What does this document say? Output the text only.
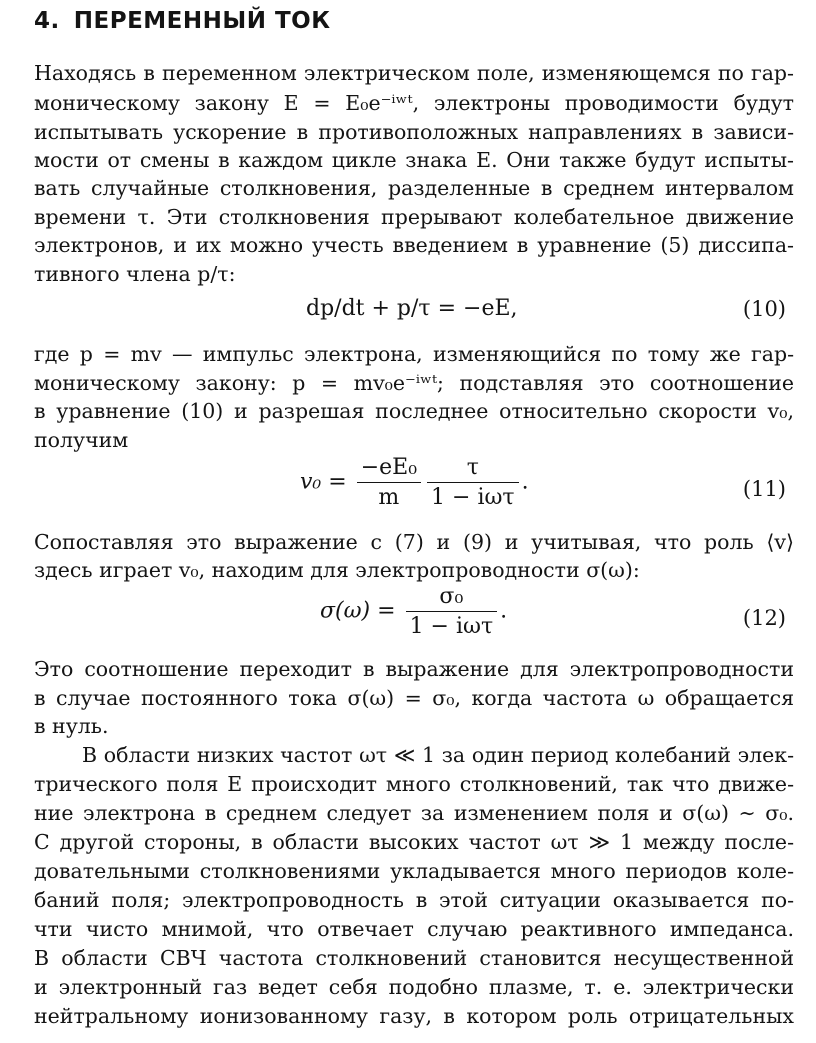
4. ПЕРЕМЕННЫЙ ТОК
Находясь в переменном электрическом поле, изменяющемся по гар-
моническому закону E = E₀e⁻ⁱʷᵗ, электроны проводимости будут
испытывать ускорение в противоположных направлениях в зависи-
мости от смены в каждом цикле знака E. Они также будут испыты-
вать случайные столкновения, разделенные в среднем интервалом
времени τ. Эти столкновения прерывают колебательное движение
электронов, и их можно учесть введением в уравнение (5) диссипа-
тивного члена p/τ:
dp/dt + p/τ = −eE,	(10)
где p = mv — импульс электрона, изменяющийся по тому же гар-
моническому закону: p = mv₀e⁻ⁱʷᵗ; подставляя это соотношение
в уравнение (10) и разрешая последнее относительно скорости v₀,
получим
$v_0 = \frac{\text{−eE₀}}{m} \frac{\tau}{\text{1 − iωτ}}$ .	(11)
Сопоставляя это выражение с (7) и (9) и учитывая, что роль ⟨v⟩
здесь играет v₀, находим для электропроводности σ(ω):
$\sigma(\omega) = \frac{\text{σ₀}}{\text{1 − iωτ}}$ .	(12)
Это соотношение переходит в выражение для электропроводности
в случае постоянного тока σ(ω) = σ₀, когда частота ω обращается
в нуль.
В области низких частот ωτ ≪ 1 за один период колебаний элек-
трического поля E происходит много столкновений, так что движе-
ние электрона в среднем следует за изменением поля и σ(ω) ∼ σ₀.
С другой стороны, в области высоких частот ωτ ≫ 1 между после-
довательными столкновениями укладывается много периодов коле-
баний поля; электропроводность в этой ситуации оказывается по-
чти чисто мнимой, что отвечает случаю реактивного импеданса.
В области СВЧ частота столкновений становится несущественной
и электронный газ ведет себя подобно плазме, т. е. электрически
нейтральному ионизованному газу, в котором роль отрицательных
